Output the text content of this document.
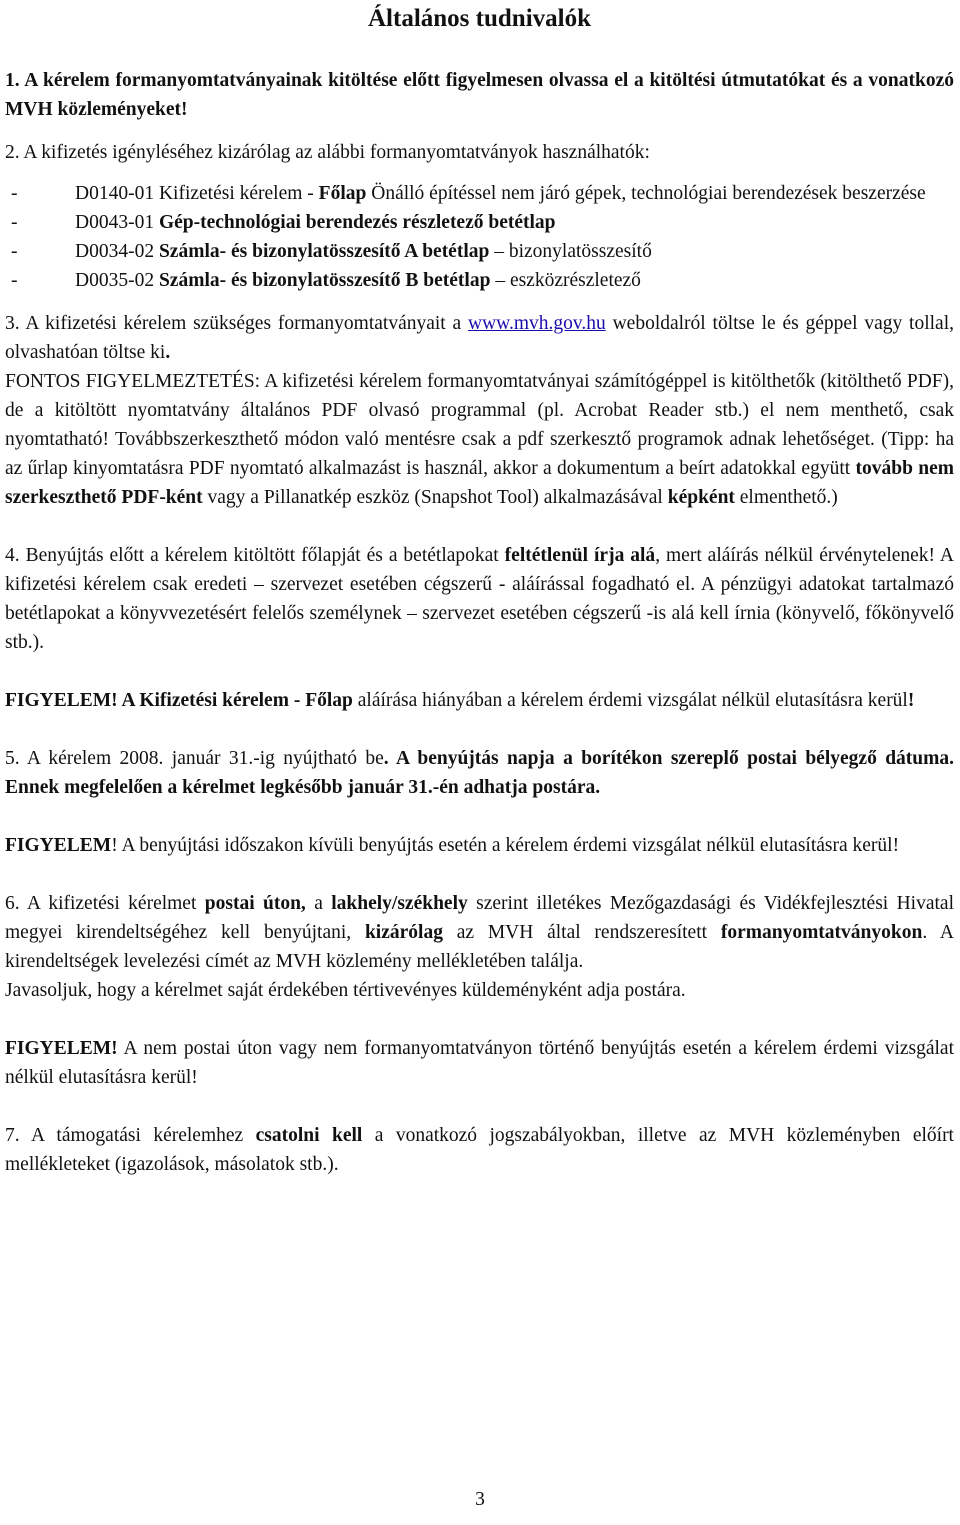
Általános tudnivalók

1. A kérelem formanyomtatványainak kitöltése előtt figyelmesen olvassa el a kitöltési útmutatókat és a vonatkozó MVH közleményeket!

2. A kifizetés igényléséhez kizárólag az alábbi formanyomtatványok használhatók:

-	D0140-01 Kifizetési kérelem - Főlap Önálló építéssel nem járó gépek, technológiai berendezések beszerzése
-	D0043-01 Gép-technológiai berendezés részletező betétlap
-	D0034-02 Számla- és bizonylatösszesítő A betétlap – bizonylatösszesítő
-	D0035-02 Számla- és bizonylatösszesítő B betétlap – eszközrészletező

3. A kifizetési kérelem szükséges formanyomtatványait a www.mvh.gov.hu weboldalról töltse le és géppel vagy tollal, olvashatóan töltse ki.

FONTOS FIGYELMEZTETÉS: A kifizetési kérelem formanyomtatványai számítógéppel is kitölthetők (kitölthető PDF), de a kitöltött nyomtatvány általános PDF olvasó programmal (pl. Acrobat Reader stb.) el nem menthető, csak nyomtatható! Továbbszerkeszthető módon való mentésre csak a pdf szerkesztő programok adnak lehetőséget. (Tipp: ha az űrlap kinyomtatásra PDF nyomtató alkalmazást is használ, akkor a dokumentum a beírt adatokkal együtt tovább nem szerkeszthető PDF-ként vagy a Pillanatkép eszköz (Snapshot Tool) alkalmazásával képként elmenthető.)

4. Benyújtás előtt a kérelem kitöltött főlapját és a betétlapokat feltétlenül írja alá, mert aláírás nélkül érvénytelenek! A kifizetési kérelem csak eredeti – szervezet esetében cégszerű - aláírással fogadható el. A pénzügyi adatokat tartalmazó betétlapokat a könyvvezetésért felelős személynek – szervezet esetében cégszerű -is alá kell írnia (könyvelő, főkönyvelő stb.).

FIGYELEM! A Kifizetési kérelem - Főlap aláírása hiányában a kérelem érdemi vizsgálat nélkül elutasításra kerül!

5. A kérelem 2008. január 31.-ig nyújtható be. A benyújtás napja a borítékon szereplő postai bélyegző dátuma. Ennek megfelelően a kérelmet legkésőbb január 31.-én adhatja postára.

FIGYELEM! A benyújtási időszakon kívüli benyújtás esetén a kérelem érdemi vizsgálat nélkül elutasításra kerül!

6. A kifizetési kérelmet postai úton, a lakhely/székhely szerint illetékes Mezőgazdasági és Vidékfejlesztési Hivatal megyei kirendeltségéhez kell benyújtani, kizárólag az MVH által rendszeresített formanyomtatványokon. A kirendeltségek levelezési címét az MVH közlemény mellékletében találja.

Javasoljuk, hogy a kérelmet saját érdekében tértivevényes küldeményként adja postára.

FIGYELEM! A nem postai úton vagy nem formanyomtatványon történő benyújtás esetén a kérelem érdemi vizsgálat nélkül elutasításra kerül!

7. A támogatási kérelemhez csatolni kell a vonatkozó jogszabályokban, illetve az MVH közleményben előírt mellékleteket (igazolások, másolatok stb.).

3
